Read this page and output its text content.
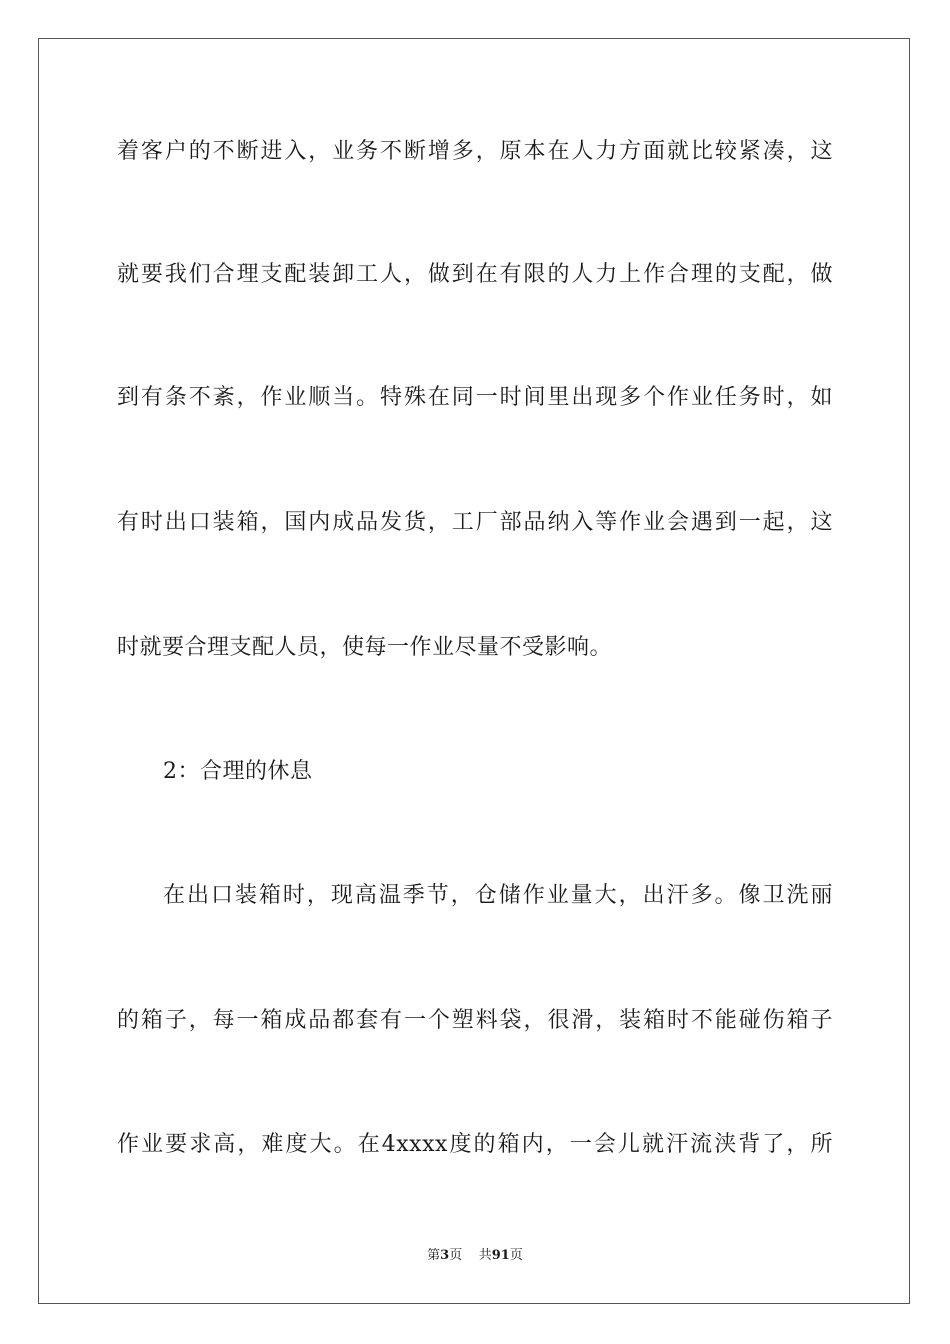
着客户的不断进入，业务不断增多，原本在人力方面就比较紧凑，这
就要我们合理支配装卸工人，做到在有限的人力上作合理的支配，做
到有条不紊，作业顺当。特殊在同一时间里出现多个作业任务时，如
有时出口装箱，国内成品发货，工厂部品纳入等作业会遇到一起，这
时就要合理支配人员，使每一作业尽量不受影响。
2：合理的休息
在出口装箱时，现高温季节，仓储作业量大，出汗多。像卫洗丽
的箱子，每一箱成品都套有一个塑料袋，很滑，装箱时不能碰伤箱子
作业要求高，难度大。在4xxxx度的箱内，一会儿就汗流浃背了，所
第3页 共91页
